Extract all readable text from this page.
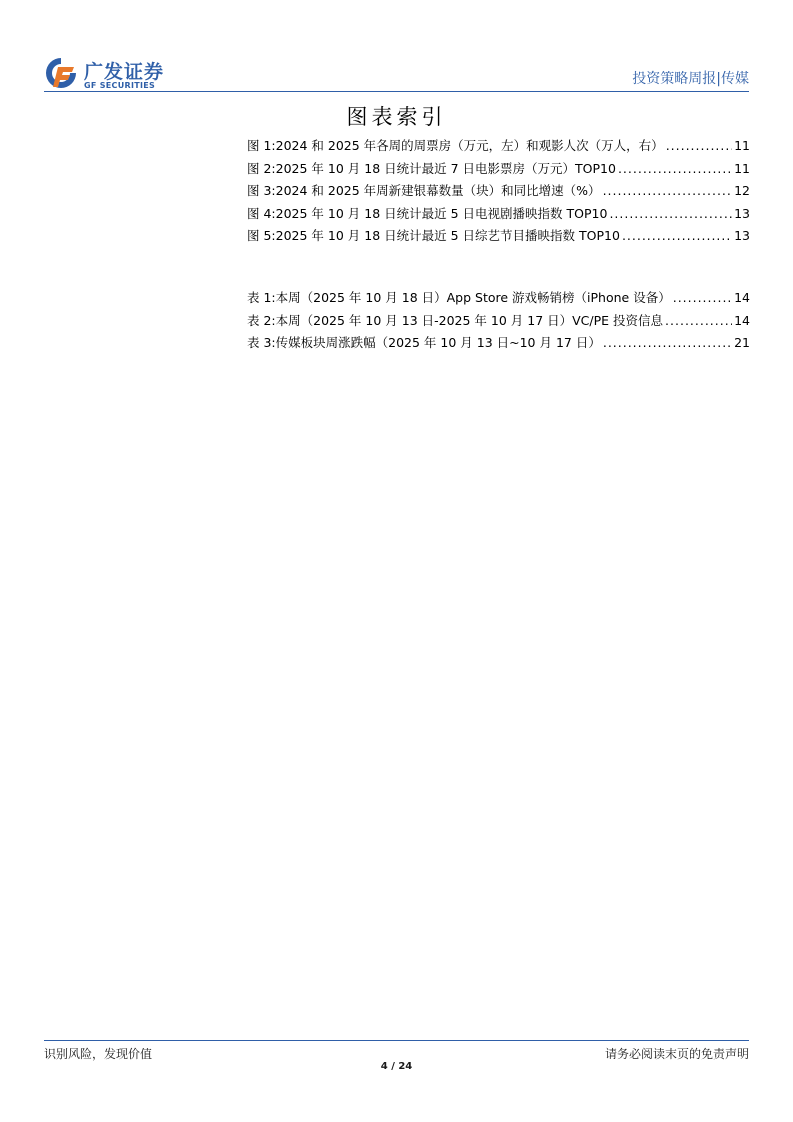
广发证券
GF SECURITIES	投资策略周报|传媒
图表索引
图 1: 2024 和 2025 年各周的周票房（万元，左）和观影人次（万人，右） .....	11
图 2: 2025 年 10 月 18 日统计最近 7 日电影票房（万元）TOP10 .....	11
图 3: 2024 和 2025 年周新建银幕数量（块）和同比增速（%） .....	12
图 4: 2025 年 10 月 18 日统计最近 5 日电视剧播映指数 TOP10 .....	13
图 5: 2025 年 10 月 18 日统计最近 5 日综艺节目播映指数 TOP10 .....	13
表 1: 本周（2025 年 10 月 18 日）App Store 游戏畅销榜（iPhone 设备） .....	14
表 2: 本周（2025 年 10 月 13 日-2025 年 10 月 17 日）VC/PE 投资信息 .....	14
表 3: 传媒板块周涨跌幅（2025 年 10 月 13 日~10 月 17 日） .....	21
识别风险，发现价值	请务必阅读末页的免责声明
4 / 24
